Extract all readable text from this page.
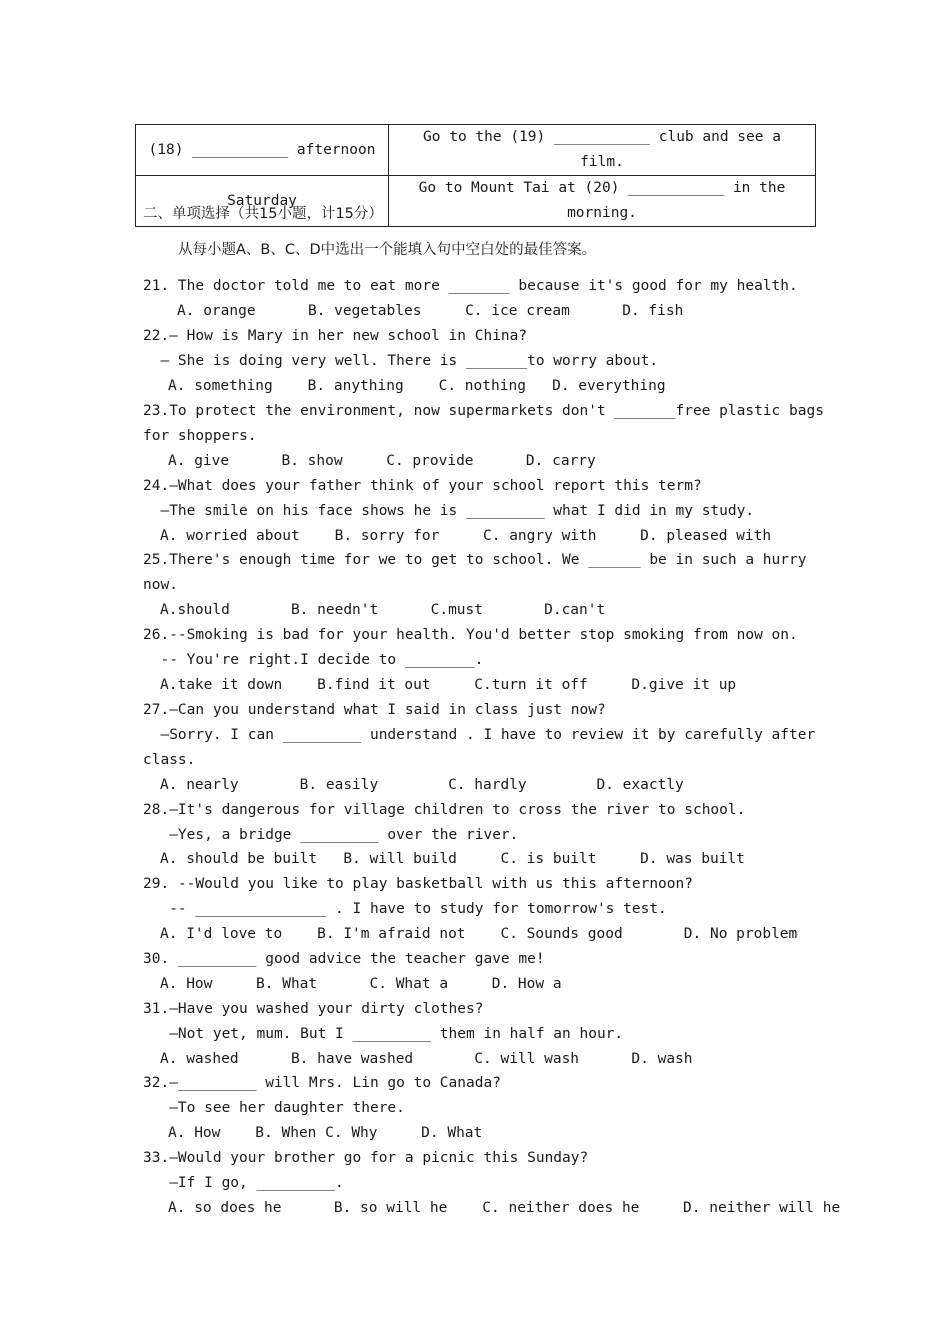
(18) ___________ afternoon	Go to the (19) ___________ club and see a film.
Saturday	Go to Mount Tai at (20) ___________ in the
morning.
二、单项选择（共15小题，计15分）
从每小题A、B、C、D中选出一个能填入句中空白处的最佳答案。
21. The doctor told me to eat more _______ because it's good for my health.
A. orange      B. vegetables     C. ice cream      D. fish
22.— How is Mary in her new school in China?
— She is doing very well. There is _______to worry about.
A. something    B. anything    C. nothing   D. everything
23.To protect the environment, now supermarkets don't _______free plastic bags
for shoppers.
A. give      B. show     C. provide      D. carry
24.—What does your father think of your school report this term?
—The smile on his face shows he is _________ what I did in my study.
A. worried about    B. sorry for     C. angry with     D. pleased with
25.There's enough time for we to get to school. We ______ be in such a hurry
now.
A.should       B. needn't      C.must       D.can't
26.--Smoking is bad for your health. You'd better stop smoking from now on.
-- You're right.I decide to ________.
A.take it down    B.find it out     C.turn it off     D.give it up
27.—Can you understand what I said in class just now?
—Sorry. I can _________ understand . I have to review it by carefully after
class.
A. nearly       B. easily        C. hardly        D. exactly
28.—It's dangerous for village children to cross the river to school.
—Yes, a bridge _________ over the river.
A. should be built   B. will build     C. is built     D. was built
29. --Would you like to play basketball with us this afternoon?
-- _______________ . I have to study for tomorrow's test.
A. I'd love to    B. I'm afraid not    C. Sounds good       D. No problem
30. _________ good advice the teacher gave me!
A. How     B. What      C. What a     D. How a
31.—Have you washed your dirty clothes?
—Not yet, mum. But I _________ them in half an hour.
A. washed      B. have washed       C. will wash      D. wash
32.—_________ will Mrs. Lin go to Canada?
—To see her daughter there.
A. How    B. When C. Why     D. What
33.—Would your brother go for a picnic this Sunday?
—If I go, _________.
A. so does he      B. so will he    C. neither does he     D. neither will he
